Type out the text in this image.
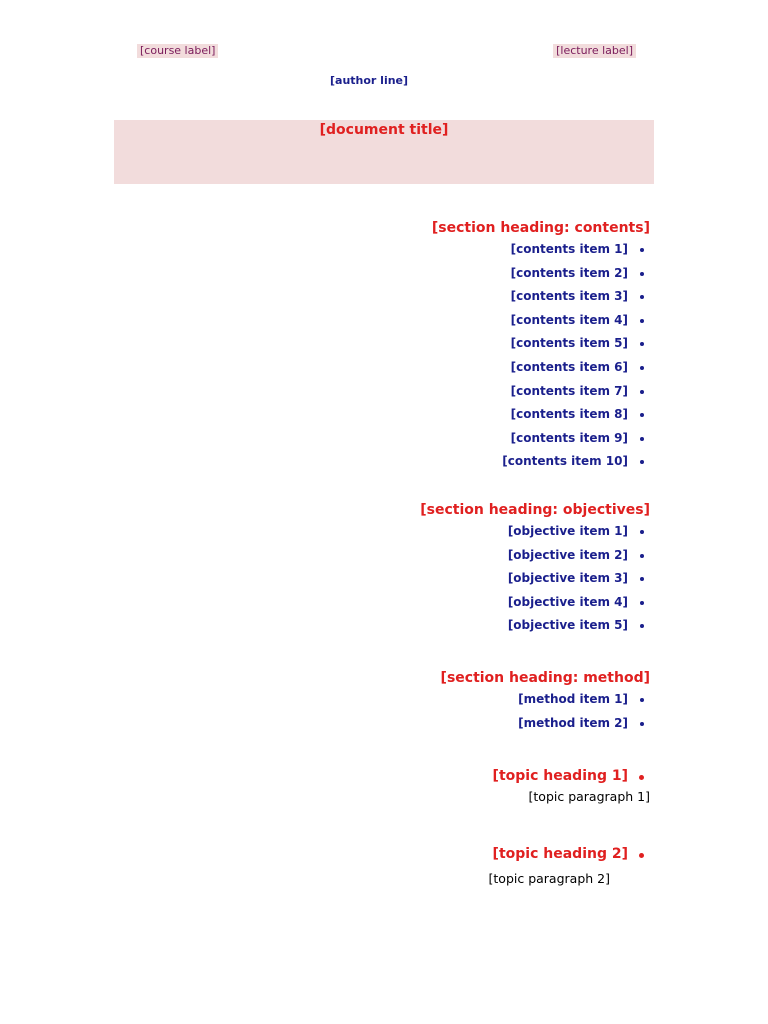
[course label]	[lecture label]
[author line]
[document title]
[section heading: contents]
[contents item 1]
[contents item 2]
[contents item 3]
[contents item 4]
[contents item 5]
[contents item 6]
[contents item 7]
[contents item 8]
[contents item 9]
[contents item 10]
[section heading: objectives]
[objective item 1]
[objective item 2]
[objective item 3]
[objective item 4]
[objective item 5]
[section heading: method]
[method item 1]
[method item 2]
[topic heading 1]
[topic paragraph 1]
[topic heading 2]
[topic paragraph 2]
